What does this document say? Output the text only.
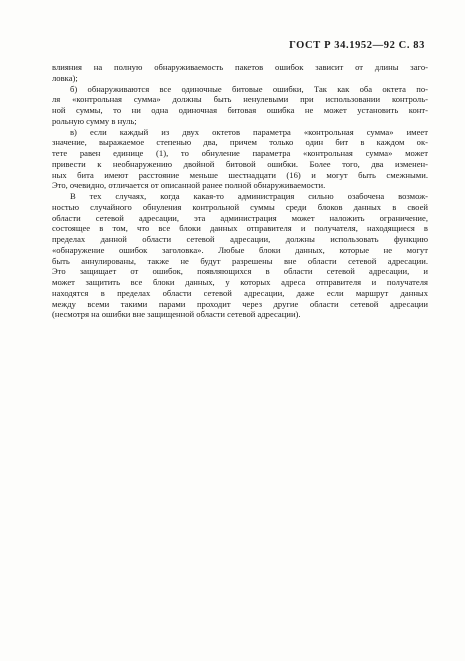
ГОСТ Р 34.1952—92 С. 83
влияния на полную обнаруживаемость пакетов ошибок зависит от длины заго-
ловка);
б) обнаруживаются все одиночные битовые ошибки, Так как оба октета по-
ля «контрольная сумма» должны быть ненулевыми при использовании контроль-
ной суммы, то ни одна одиночная битовая ошибка не может установить конт-
рольную сумму в нуль;
в) если каждый из двух октетов параметра «контрольная сумма» имеет
значение, выражаемое степенью два, причем только один бит в каждом ок-
тете равен единице (1), то обнуление параметра «контрольная сумма» может
привести к необнаружению двойной битовой ошибки. Более того, два изменен-
ных бита имеют расстояние меньше шестнадцати (16) и могут быть смежными.
Это, очевидно, отличается от описанной ранее полной обнаруживаемости.
В тех случаях, когда какая-то администрация сильно озабочена возмож-
ностью случайного обнуления контрольной суммы среди блоков данных в своей
области сетевой адресации, эта администрация может наложить ограничение,
состоящее в том, что все блоки данных отправителя и получателя, находящиеся в
пределах данной области сетевой адресации, должны использовать функцию
«обнаружение ошибок заголовка». Любые блоки данных, которые не могут
быть аннулированы, также не будут разрешены вне области сетевой адресации.
Это защищает от ошибок, появляющихся в области сетевой адресации, и
может защитить все блоки данных, у которых адреса отправителя и получателя
находятся в пределах области сетевой адресации, даже если маршрут данных
между всеми такими парами проходит через другие области сетевой адресации
(несмотря на ошибки вне защищенной области сетевой адресации).
